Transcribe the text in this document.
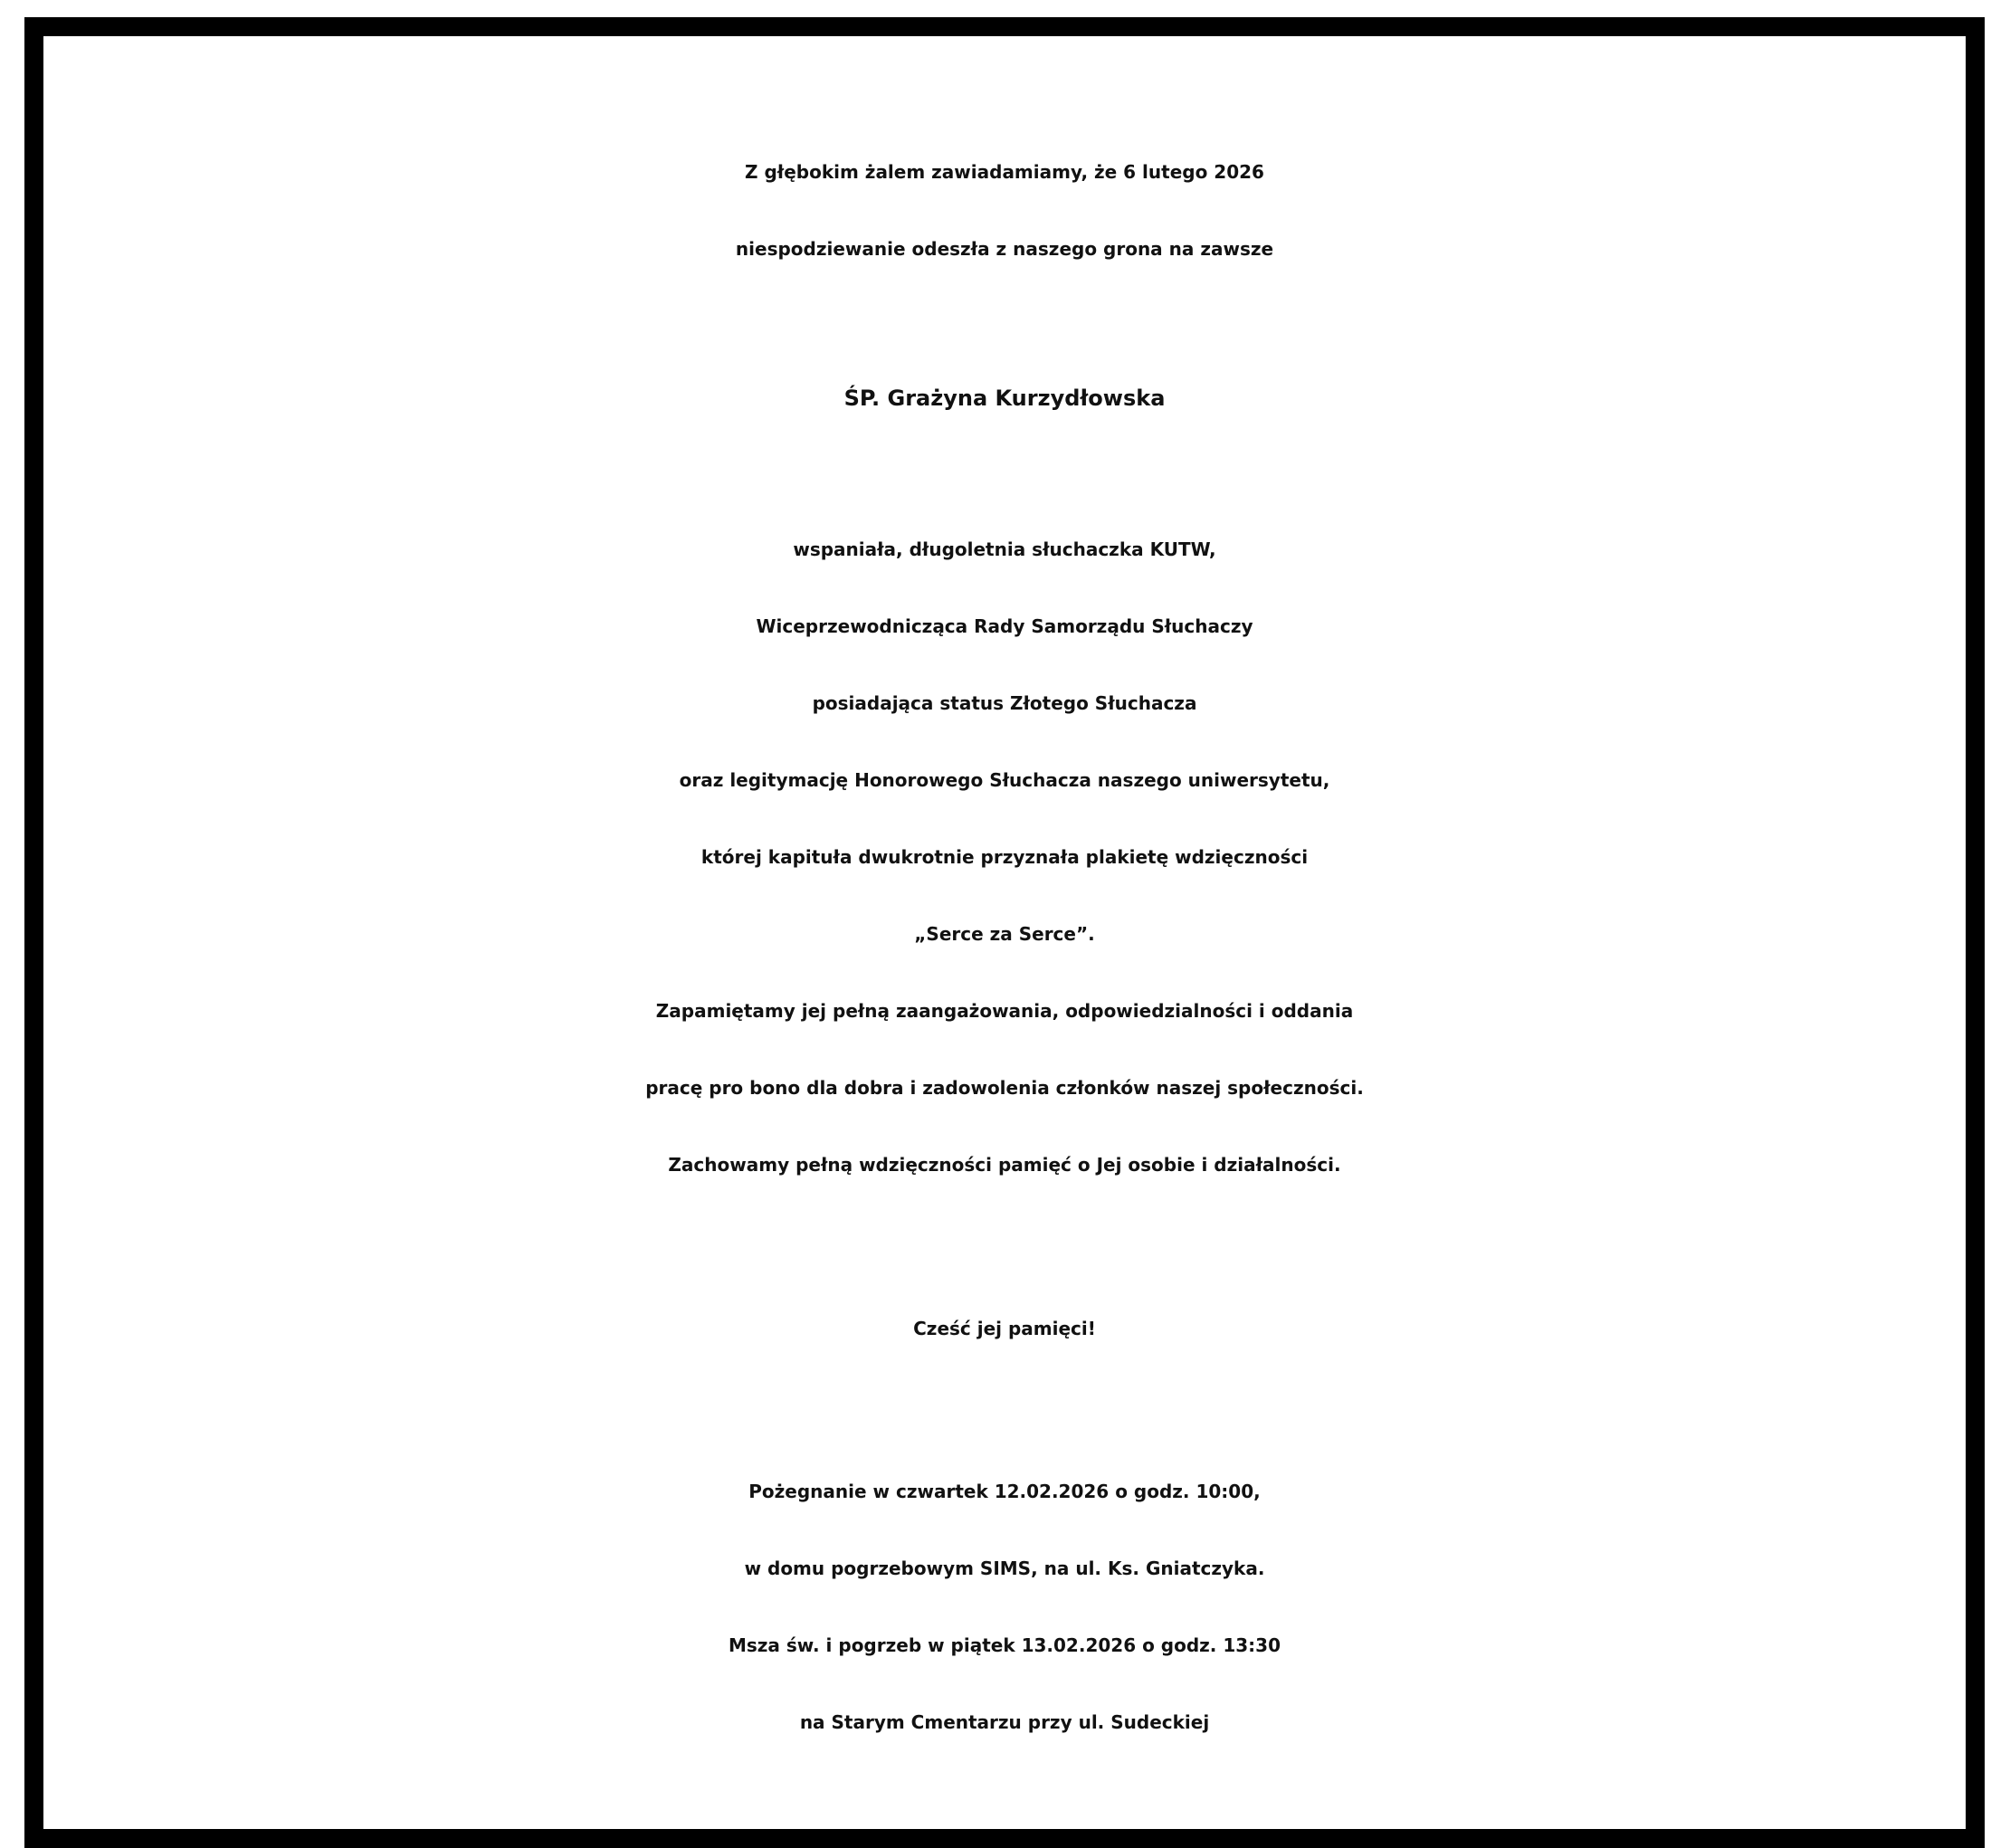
Z głębokim żalem zawiadamiamy, że 6 lutego 2026
niespodziewanie odeszła z naszego grona na zawsze
ŚP. Grażyna Kurzydłowska
wspaniała, długoletnia słuchaczka KUTW,
Wiceprzewodnicząca Rady Samorządu Słuchaczy
posiadająca status Złotego Słuchacza
oraz legitymację Honorowego Słuchacza naszego uniwersytetu,
której kapituła dwukrotnie przyznała plakietę wdzięczności
„Serce za Serce”.
Zapamiętamy jej pełną zaangażowania, odpowiedzialności i oddania
pracę pro bono dla dobra i zadowolenia członków naszej społeczności.
Zachowamy pełną wdzięczności pamięć o Jej osobie i działalności.
Cześć jej pamięci!
Pożegnanie w czwartek 12.02.2026 o godz. 10:00,
w domu pogrzebowym SIMS, na ul. Ks. Gniatczyka.
Msza św. i pogrzeb w piątek 13.02.2026 o godz. 13:30
na Starym Cmentarzu przy ul. Sudeckiej
